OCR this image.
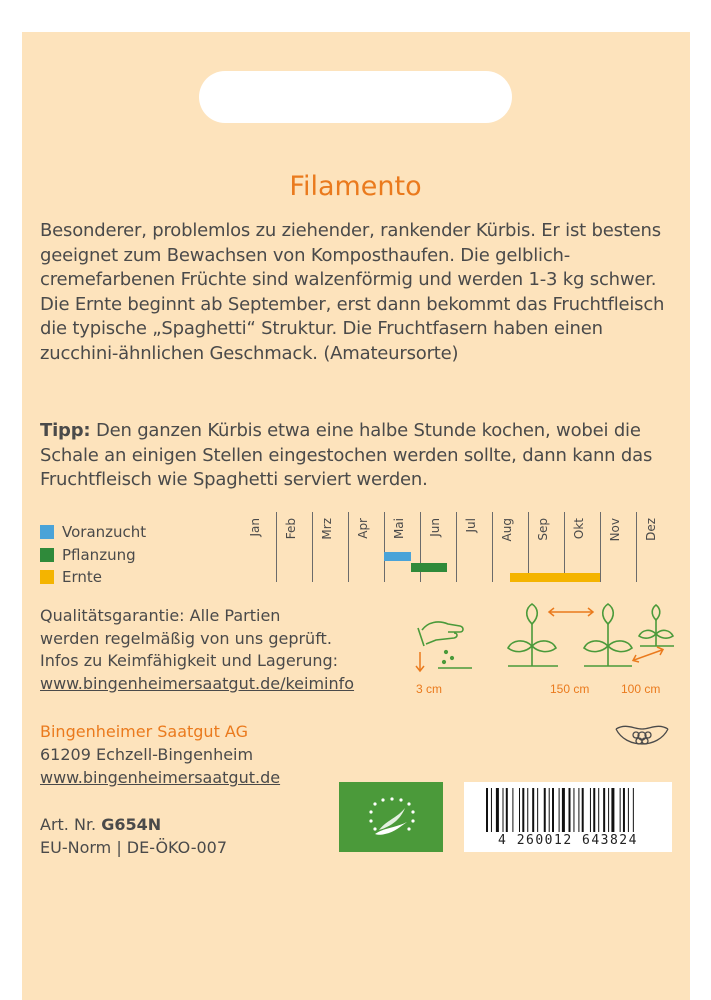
Filamento

Besonderer, problemlos zu ziehender, rankender Kürbis. Er ist bestens geeignet zum Bewachsen von Komposthaufen. Die gelblich-cremefarbenen Früchte sind walzenförmig und werden 1-3 kg schwer. Die Ernte beginnt ab September, erst dann bekommt das Fruchtfleisch die typische „Spaghetti“ Struktur. Die Fruchtfasern haben einen zucchini-ähnlichen Geschmack. (Amateursorte)

Tipp: Den ganzen Kürbis etwa eine halbe Stunde kochen, wobei die Schale an einigen Stellen eingestochen werden sollte, dann kann das Fruchtfleisch wie Spaghetti serviert werden.

Voranzucht
Pflanzung
Ernte
Jan Feb Mrz Apr Mai Jun Jul Aug Sep Okt Nov Dez
Qualitätsgarantie: Alle Partien
werden regelmäßig von uns geprüft.
Infos zu Keimfähigkeit und Lagerung:
www.bingenheimersaatgut.de/keiminfo	3 cm	150 cm	100 cm
Bingenheimer Saatgut AG
61209 Echzell-Bingenheim
www.bingenheimersaatgut.de
Art. Nr. G654N
EU-Norm | DE-ÖKO-007	4 260012 643824
